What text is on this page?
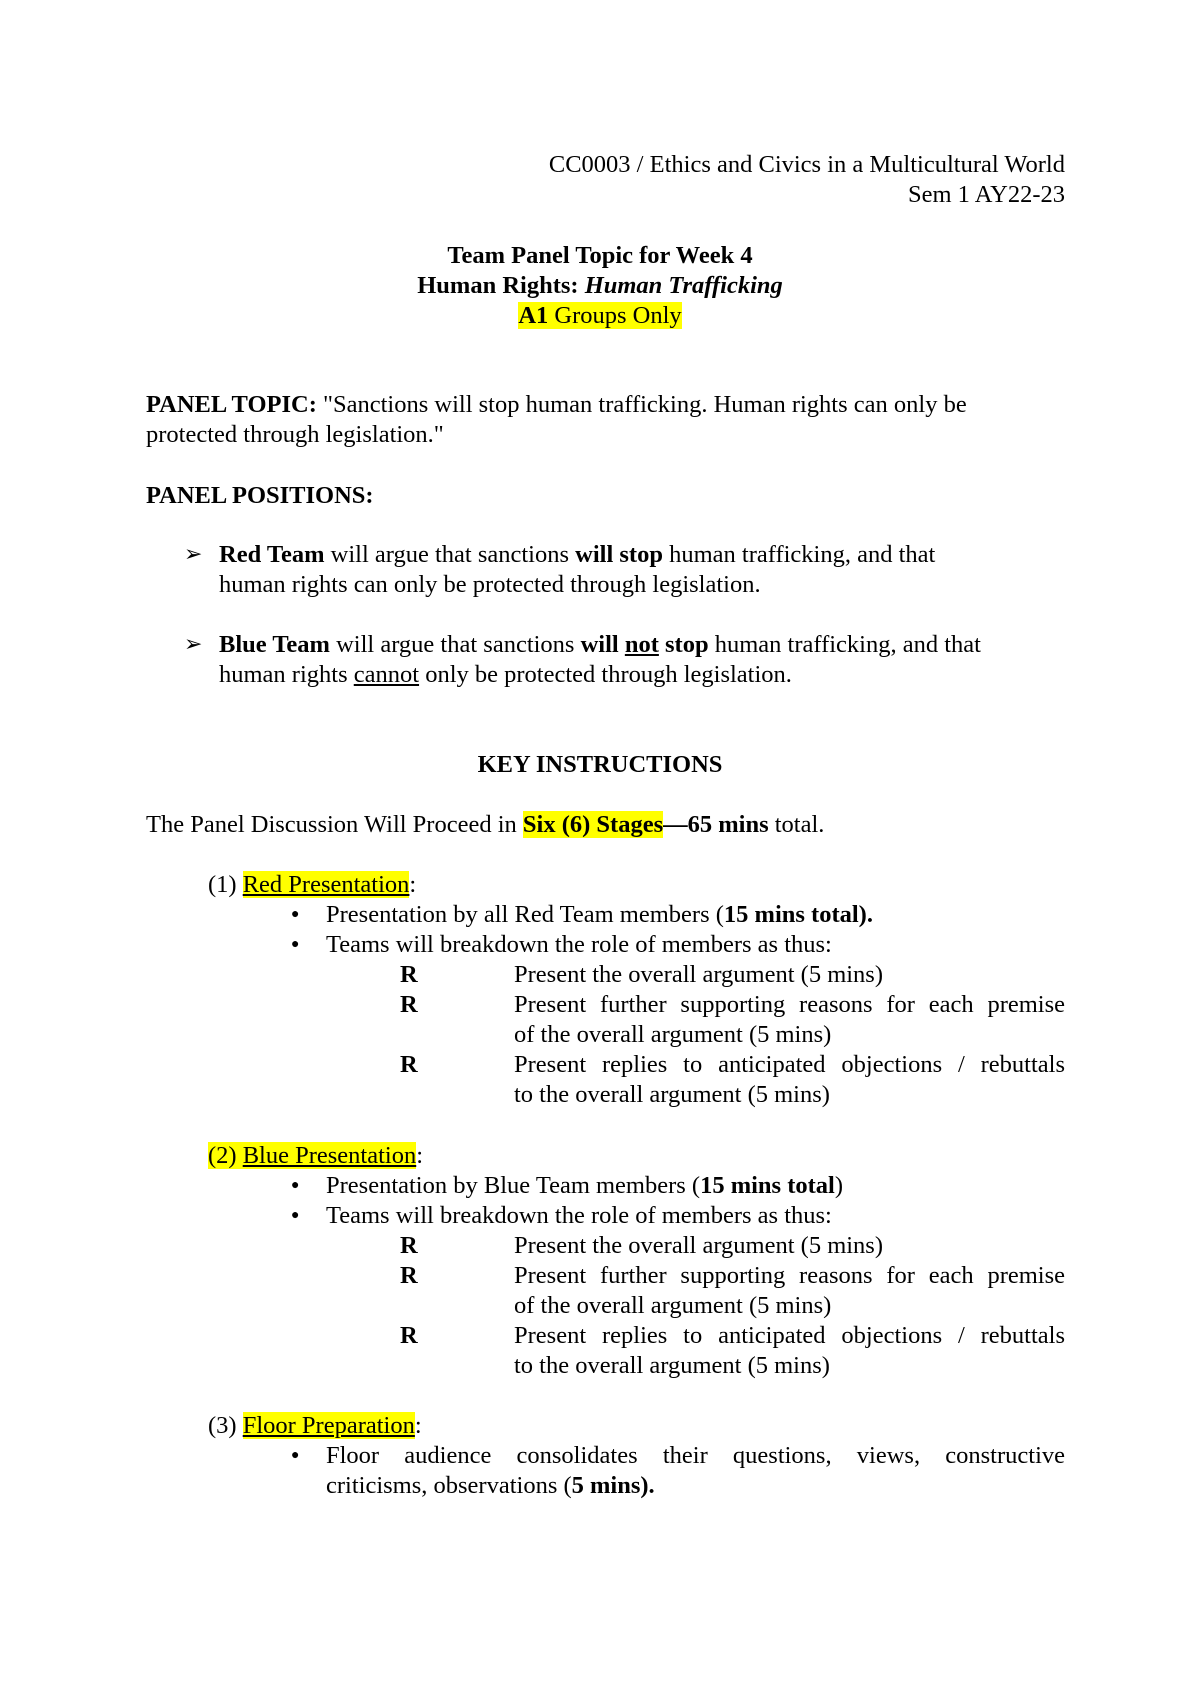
CC0003 / Ethics and Civics in a Multicultural World
Sem 1 AY22-23
Team Panel Topic for Week 4
Human Rights: Human Trafficking
A1 Groups Only
PANEL TOPIC: "Sanctions will stop human trafficking. Human rights can only be
protected through legislation."
PANEL POSITIONS:
➢ Red Team will argue that sanctions will stop human trafficking, and that
human rights can only be protected through legislation.
➢ Blue Team will argue that sanctions will not stop human trafficking, and that
human rights cannot only be protected through legislation.
KEY INSTRUCTIONS
The Panel Discussion Will Proceed in Six (6) Stages—65 mins total.
(1) Red Presentation:
● Presentation by all Red Team members (15 mins total).
● Teams will breakdown the role of members as thus:
R	Present the overall argument (5 mins)
R	Present further supporting reasons for each premise
of the overall argument (5 mins)
R	Present replies to anticipated objections / rebuttals
to the overall argument (5 mins)
(2) Blue Presentation:
● Presentation by Blue Team members (15 mins total)
● Teams will breakdown the role of members as thus:
R	Present the overall argument (5 mins)
R	Present further supporting reasons for each premise
of the overall argument (5 mins)
R	Present replies to anticipated objections / rebuttals
to the overall argument (5 mins)
(3) Floor Preparation:
● Floor audience consolidates their questions, views, constructive
criticisms, observations (5 mins).
